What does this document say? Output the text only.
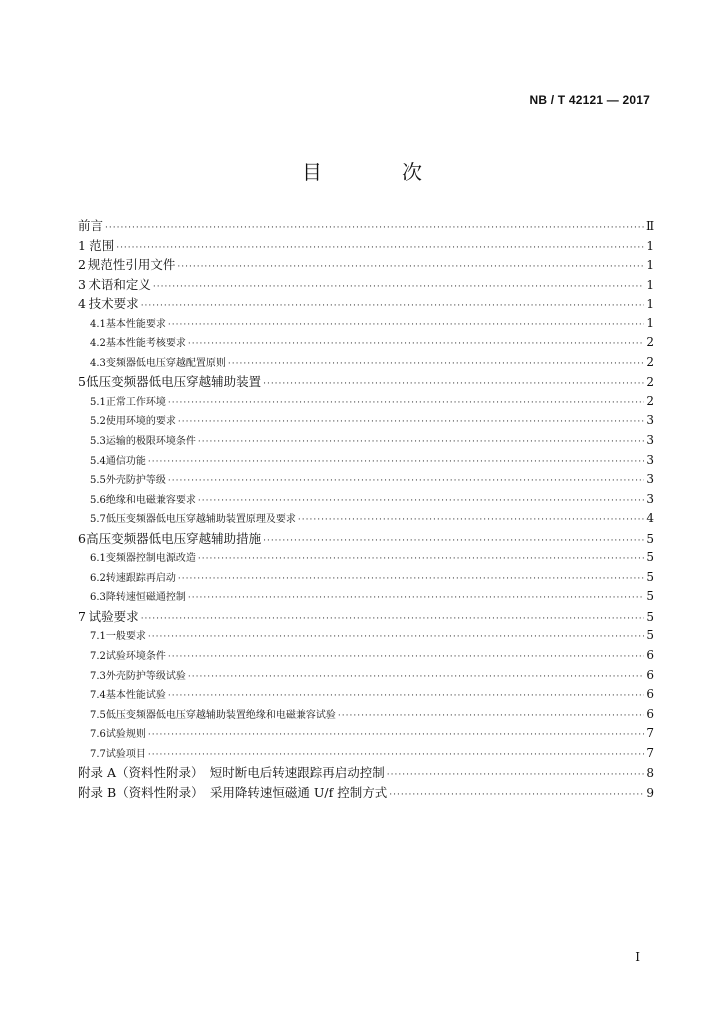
NB / T 42121 — 2017
目　次
前言 ·····	Ⅱ
1 范围 ·····	1
2 规范性引用文件 ·····	1
3 术语和定义 ·····	1
4 技术要求 ·····	1
4.1 基本性能要求 ·····	1
4.2 基本性能考核要求 ·····	2
4.3 变频器低电压穿越配置原则 ·····	2
5 低压变频器低电压穿越辅助装置 ·····	2
5.1 正常工作环境 ·····	2
5.2 使用环境的要求 ·····	3
5.3 运输的极限环境条件 ·····	3
5.4 通信功能 ·····	3
5.5 外壳防护等级 ·····	3
5.6 绝缘和电磁兼容要求 ·····	3
5.7 低压变频器低电压穿越辅助装置原理及要求 ·····	4
6 高压变频器低电压穿越辅助措施 ·····	5
6.1 变频器控制电源改造 ·····	5
6.2 转速跟踪再启动 ·····	5
6.3 降转速恒磁通控制 ·····	5
7 试验要求 ·····	5
7.1 一般要求 ·····	5
7.2 试验环境条件 ·····	6
7.3 外壳防护等级试验 ·····	6
7.4 基本性能试验 ·····	6
7.5 低压变频器低电压穿越辅助装置绝缘和电磁兼容试验 ·····	6
7.6 试验规则 ·····	7
7.7 试验项目 ·····	7
附录 A（资料性附录）　短时断电后转速跟踪再启动控制 ·····	8
附录 B（资料性附录）　采用降转速恒磁通 U/f 控制方式 ·····	9
I
